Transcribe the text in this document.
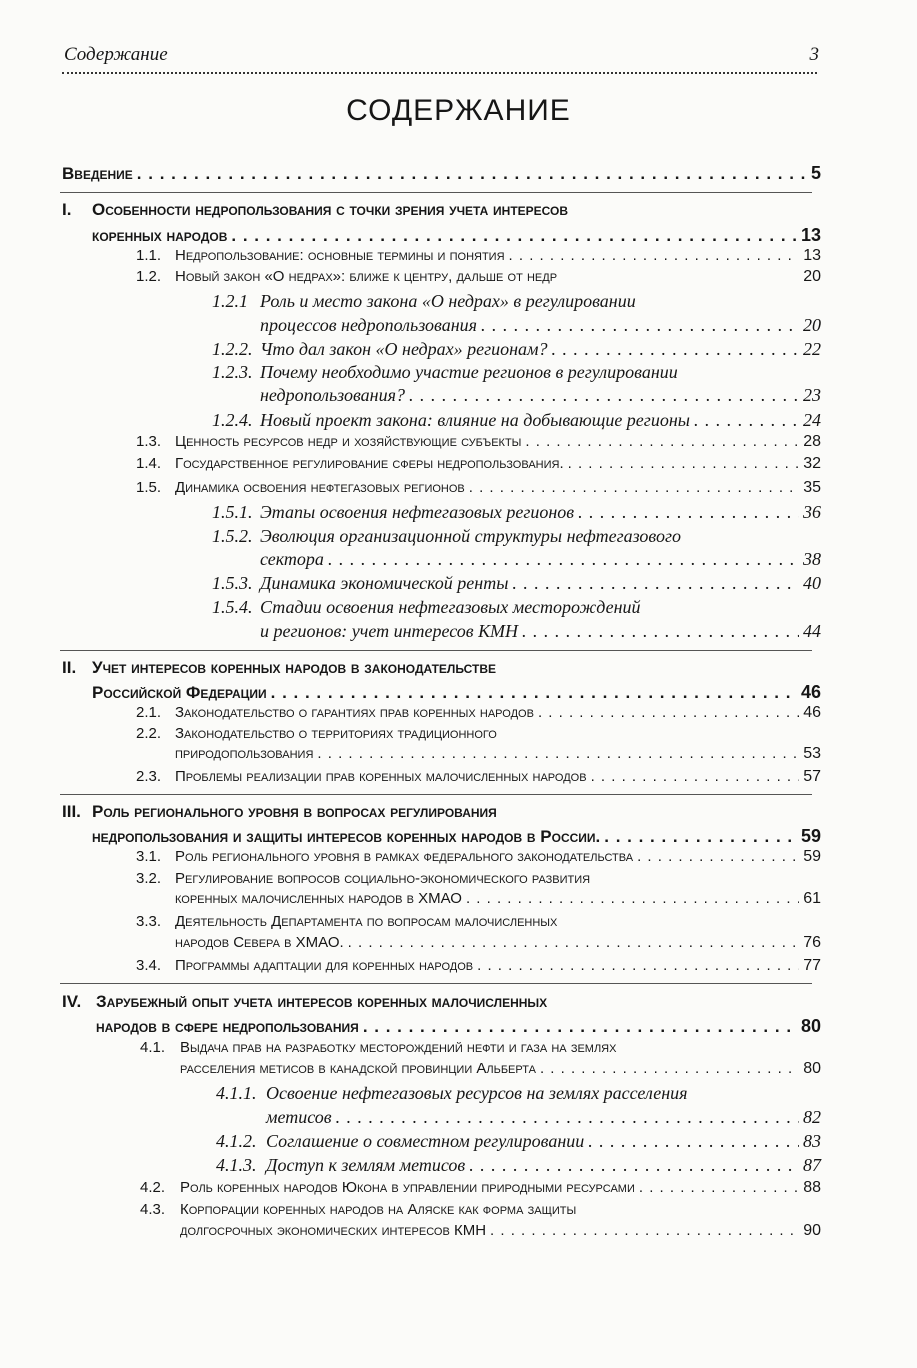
Содержание	3
СОДЕРЖАНИЕ
Введение . . .	5
I. Особенности недропользования с точки зрения учета интересов
коренных народов . . .	13
1.1. Недропользование: основные термины и понятия . . .	13
1.2. Новый закон «О недрах»: ближе к центру, дальше от недр	20
1.2.1 Роль и место закона «О недрах» в регулировании
процессов недропользования . . .	20
1.2.2. Что дал закон «О недрах» регионам? . . .	22
1.2.3. Почему необходимо участие регионов в регулировании
недропользования? . . .	23
1.2.4. Новый проект закона: влияние на добывающие регионы . . .	24
1.3. Ценность ресурсов недр и хозяйствующие субъекты . . .	28
1.4. Государственное регулирование сферы недропользования. . . .	32
1.5. Динамика освоения нефтегазовых регионов . . .	35
1.5.1. Этапы освоения нефтегазовых регионов . . .	36
1.5.2. Эволюция организационной структуры нефтегазового
сектора . . .	38
1.5.3. Динамика экономической ренты . . .	40
1.5.4. Стадии освоения нефтегазовых месторождений
и регионов: учет интересов КМН . . .	44
II. Учет интересов коренных народов в законодательстве
Российской Федерации . . .	46
2.1. Законодательство о гарантиях прав коренных народов . . .	46
2.2. Законодательство о территориях традиционного
природопользования . . .	53
2.3. Проблемы реализации прав коренных малочисленных народов . . .	57
III. Роль регионального уровня в вопросах регулирования
недропользования и защиты интересов коренных народов в России. . . .	59
3.1. Роль регионального уровня в рамках федерального законодательства . . .	59
3.2. Регулирование вопросов социально-экономического развития
коренных малочисленных народов в ХМАО . . .	61
3.3. Деятельность Департамента по вопросам малочисленных
народов Севера в ХМАО. . . .	76
3.4. Программы адаптации для коренных народов . . .	77
IV. Зарубежный опыт учета интересов коренных малочисленных
народов в сфере недропользования . . .	80
4.1. Выдача прав на разработку месторождений нефти и газа на землях
расселения метисов в канадской провинции Альберта . . .	80
4.1.1. Освоение нефтегазовых ресурсов на землях расселения
метисов . . .	82
4.1.2. Соглашение о совместном регулировании . . .	83
4.1.3. Доступ к землям метисов . . .	87
4.2. Роль коренных народов Юкона в управлении природными ресурсами . . .	88
4.3. Корпорации коренных народов на Аляске как форма защиты
долгосрочных экономических интересов КМН . . .	90
